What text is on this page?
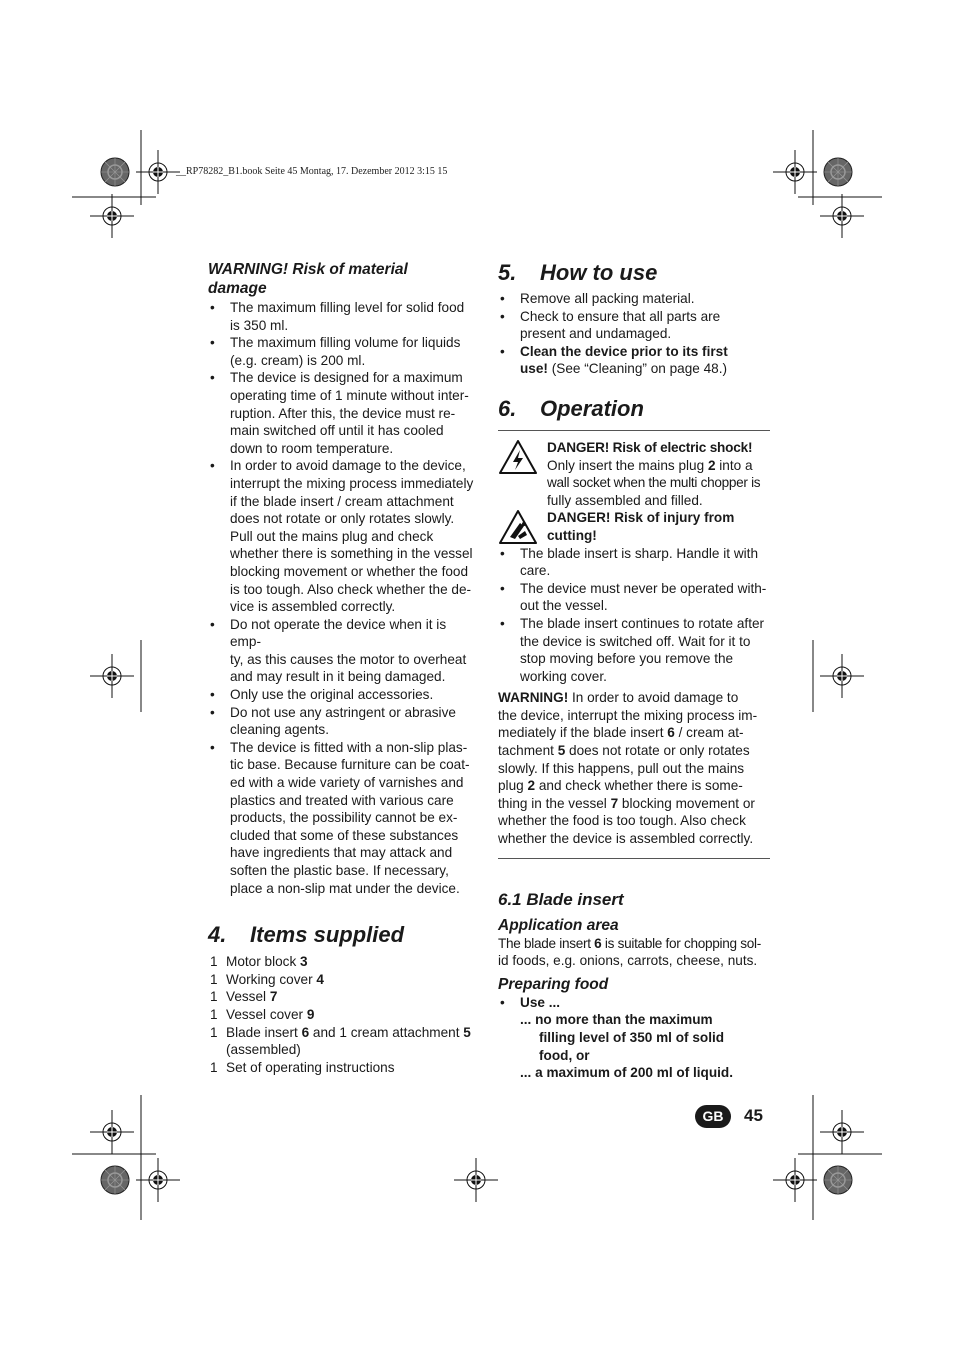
__RP78282_B1.book Seite 45 Montag, 17. Dezember 2012 3:15 15
WARNING! Risk of material
damage
• The maximum filling level for solid food
is 350 ml.
• The maximum filling volume for liquids
(e.g. cream) is 200 ml.
• The device is designed for a maximum
operating time of 1 minute without inter-
ruption. After this, the device must re-
main switched off until it has cooled
down to room temperature.
• In order to avoid damage to the device,
interrupt the mixing process immediately
if the blade insert / cream attachment
does not rotate or only rotates slowly.
Pull out the mains plug and check
whether there is something in the vessel
blocking movement or whether the food
is too tough. Also check whether the de-
vice is assembled correctly.
• Do not operate the device when it is emp-
ty, as this causes the motor to overheat
and may result in it being damaged.
• Only use the original accessories.
• Do not use any astringent or abrasive
cleaning agents.
• The device is fitted with a non-slip plas-
tic base. Because furniture can be coat-
ed with a wide variety of varnishes and
plastics and treated with various care
products, the possibility cannot be ex-
cluded that some of these substances
have ingredients that may attack and
soften the plastic base. If necessary,
place a non-slip mat under the device.
4. Items supplied
1 Motor block 3
1 Working cover 4
1 Vessel 7
1 Vessel cover 9
1 Blade insert 6 and 1 cream attachment 5
(assembled)
1 Set of operating instructions
5. How to use
• Remove all packing material.
• Check to ensure that all parts are
present and undamaged.
• Clean the device prior to its first
use! (See “Cleaning” on page 48.)
6. Operation
DANGER! Risk of electric shock!
Only insert the mains plug 2 into a
wall socket when the multi chopper is
fully assembled and filled.
DANGER! Risk of injury from
cutting!
• The blade insert is sharp. Handle it with
care.
• The device must never be operated with-
out the vessel.
• The blade insert continues to rotate after
the device is switched off. Wait for it to
stop moving before you remove the
working cover.
WARNING! In order to avoid damage to
the device, interrupt the mixing process im-
mediately if the blade insert 6 / cream at-
tachment 5 does not rotate or only rotates
slowly. If this happens, pull out the mains
plug 2 and check whether there is some-
thing in the vessel 7 blocking movement or
whether the food is too tough. Also check
whether the device is assembled correctly.
6.1 Blade insert
Application area
The blade insert 6 is suitable for chopping sol-
id foods, e.g. onions, carrots, cheese, nuts.
Preparing food
• Use ...
... no more than the maximum
filling level of 350 ml of solid
food, or
... a maximum of 200 ml of liquid.
GB	45
